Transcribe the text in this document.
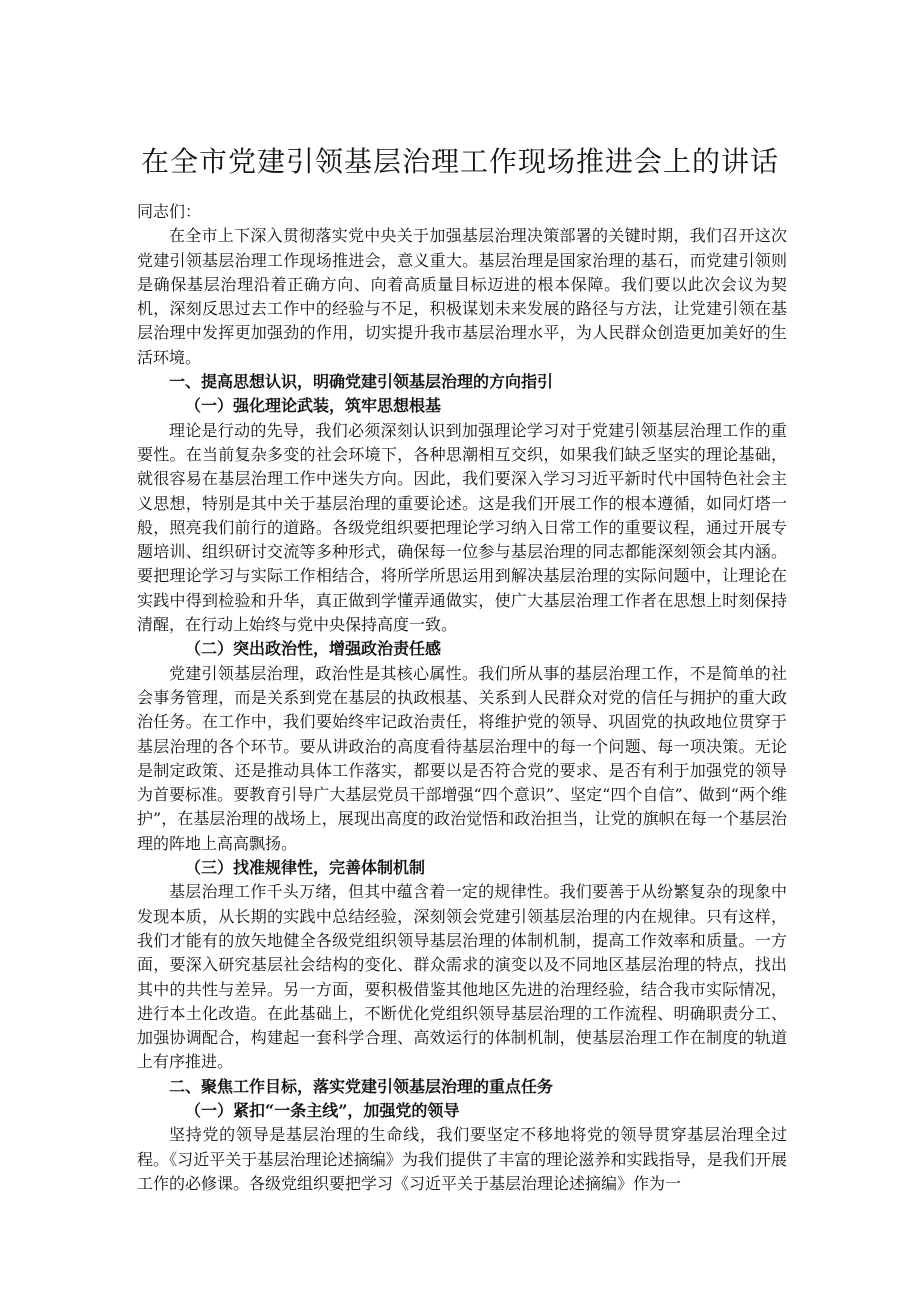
在全市党建引领基层治理工作现场推进会上的讲话

同志们：

在全市上下深入贯彻落实党中央关于加强基层治理决策部署的关键时期，我们召开这次党建引领基层治理工作现场推进会，意义重大。基层治理是国家治理的基石，而党建引领则是确保基层治理沿着正确方向、向着高质量目标迈进的根本保障。我们要以此次会议为契机，深刻反思过去工作中的经验与不足，积极谋划未来发展的路径与方法，让党建引领在基层治理中发挥更加强劲的作用，切实提升我市基层治理水平，为人民群众创造更加美好的生活环境。

一、提高思想认识，明确党建引领基层治理的方向指引

（一）强化理论武装，筑牢思想根基

理论是行动的先导，我们必须深刻认识到加强理论学习对于党建引领基层治理工作的重要性。在当前复杂多变的社会环境下，各种思潮相互交织，如果我们缺乏坚实的理论基础，就很容易在基层治理工作中迷失方向。因此，我们要深入学习习近平新时代中国特色社会主义思想，特别是其中关于基层治理的重要论述。这是我们开展工作的根本遵循，如同灯塔一般，照亮我们前行的道路。各级党组织要把理论学习纳入日常工作的重要议程，通过开展专题培训、组织研讨交流等多种形式，确保每一位参与基层治理的同志都能深刻领会其内涵。要把理论学习与实际工作相结合，将所学所思运用到解决基层治理的实际问题中，让理论在实践中得到检验和升华，真正做到学懂弄通做实，使广大基层治理工作者在思想上时刻保持清醒，在行动上始终与党中央保持高度一致。

（二）突出政治性，增强政治责任感

党建引领基层治理，政治性是其核心属性。我们所从事的基层治理工作，不是简单的社会事务管理，而是关系到党在基层的执政根基、关系到人民群众对党的信任与拥护的重大政治任务。在工作中，我们要始终牢记政治责任，将维护党的领导、巩固党的执政地位贯穿于基层治理的各个环节。要从讲政治的高度看待基层治理中的每一个问题、每一项决策。无论是制定政策、还是推动具体工作落实，都要以是否符合党的要求、是否有利于加强党的领导为首要标准。要教育引导广大基层党员干部增强“四个意识”、坚定“四个自信”、做到“两个维护”，在基层治理的战场上，展现出高度的政治觉悟和政治担当，让党的旗帜在每一个基层治理的阵地上高高飘扬。

（三）找准规律性，完善体制机制

基层治理工作千头万绪，但其中蕴含着一定的规律性。我们要善于从纷繁复杂的现象中发现本质，从长期的实践中总结经验，深刻领会党建引领基层治理的内在规律。只有这样，我们才能有的放矢地健全各级党组织领导基层治理的体制机制，提高工作效率和质量。一方面，要深入研究基层社会结构的变化、群众需求的演变以及不同地区基层治理的特点，找出其中的共性与差异。另一方面，要积极借鉴其他地区先进的治理经验，结合我市实际情况，进行本土化改造。在此基础上，不断优化党组织领导基层治理的工作流程、明确职责分工、加强协调配合，构建起一套科学合理、高效运行的体制机制，使基层治理工作在制度的轨道上有序推进。

二、聚焦工作目标，落实党建引领基层治理的重点任务

（一）紧扣“一条主线”，加强党的领导

坚持党的领导是基层治理的生命线，我们要坚定不移地将党的领导贯穿基层治理全过程。《习近平关于基层治理论述摘编》为我们提供了丰富的理论滋养和实践指导，是我们开展工作的必修课。各级党组织要把学习《习近平关于基层治理论述摘编》作为一
